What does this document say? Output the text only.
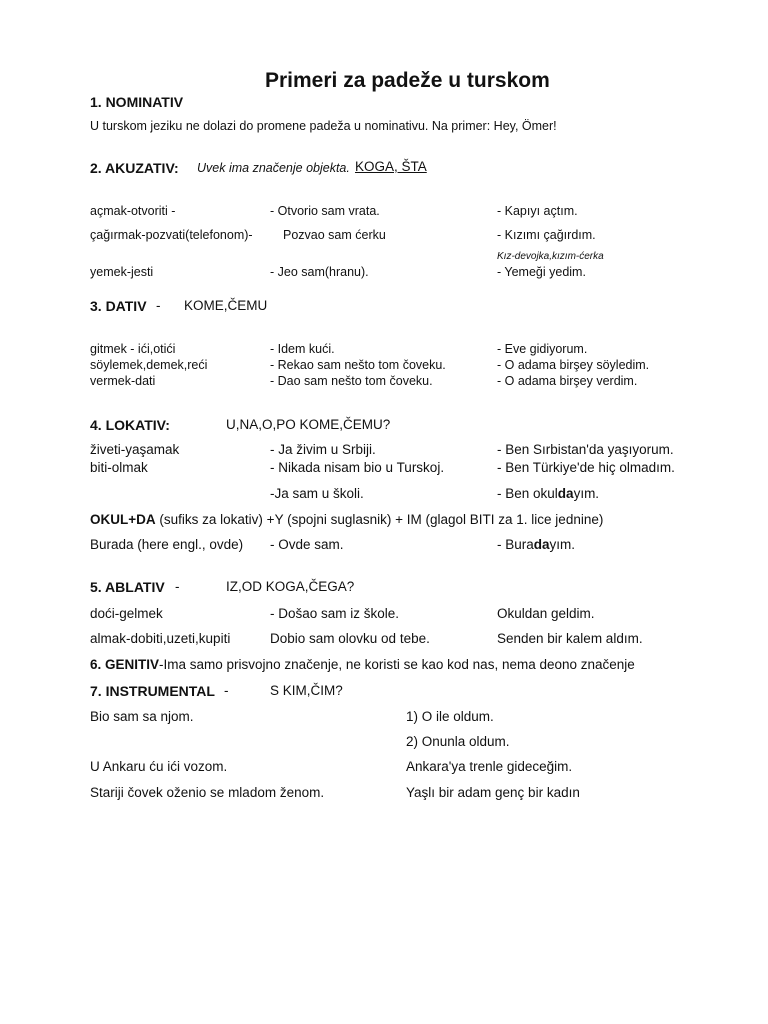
Primeri za padeže u turskom
1. NOMINATIV
U turskom jeziku ne dolazi do promene padeža u nominativu. Na primer: Hey, Ömer!
2. AKUZATIV: Uvek ima značenje objekta. KOGA, ŠTA
açmak-otvoriti -	- Otvorio sam vrata.	- Kapıyı açtım.
çağırmak-pozvati(telefonom)- Pozvao sam ćerku	- Kızımı çağırdım.
Kız-devojka,kızım-ćerka
yemek-jesti	- Jeo sam(hranu).	- Yemeği yedim.
3. DATIV - KOME,ČEMU
gitmek - ići,otići	- Idem kući.	- Eve gidiyorum.
söylemek,demek,reći	- Rekao sam nešto tom čoveku.	- O adama birşey söyledim.
vermek-dati	- Dao sam nešto tom čoveku.	- O adama birşey verdim.
4. LOKATIV:	U,NA,O,PO KOME,ČEMU?
živeti-yaşamak	- Ja živim u Srbiji.	- Ben Sırbistan'da yaşıyorum.
biti-olmak	- Nikada nisam bio u Turskoj.	- Ben Türkiye'de hiç olmadım.
-Ja sam u školi.	- Ben okuldayım.
OKUL+DA (sufiks za lokativ) +Y (spojni suglasnik) + IM (glagol BITI za 1. lice jednine)
Burada (here engl., ovde) - Ovde sam.	- Buradayım.
5. ABLATIV -	IZ,OD KOGA,ČEGA?
doći-gelmek	- Došao sam iz škole.	Okuldan geldim.
almak-dobiti,uzeti,kupiti	Dobio sam olovku od tebe.	Senden bir kalem aldım.
6. GENITIV-Ima samo prisvojno značenje, ne koristi se kao kod nas, nema deono značenje
7. INSTRUMENTAL -	S KIM,ČIM?
Bio sam sa njom.	1) O ile oldum.
2) Onunla oldum.
U Ankaru ću ići vozom.	Ankara'ya trenle gideceğim.
Stariji čovek oženio se mladom ženom.	Yaşlı bir adam genç bir kadın
